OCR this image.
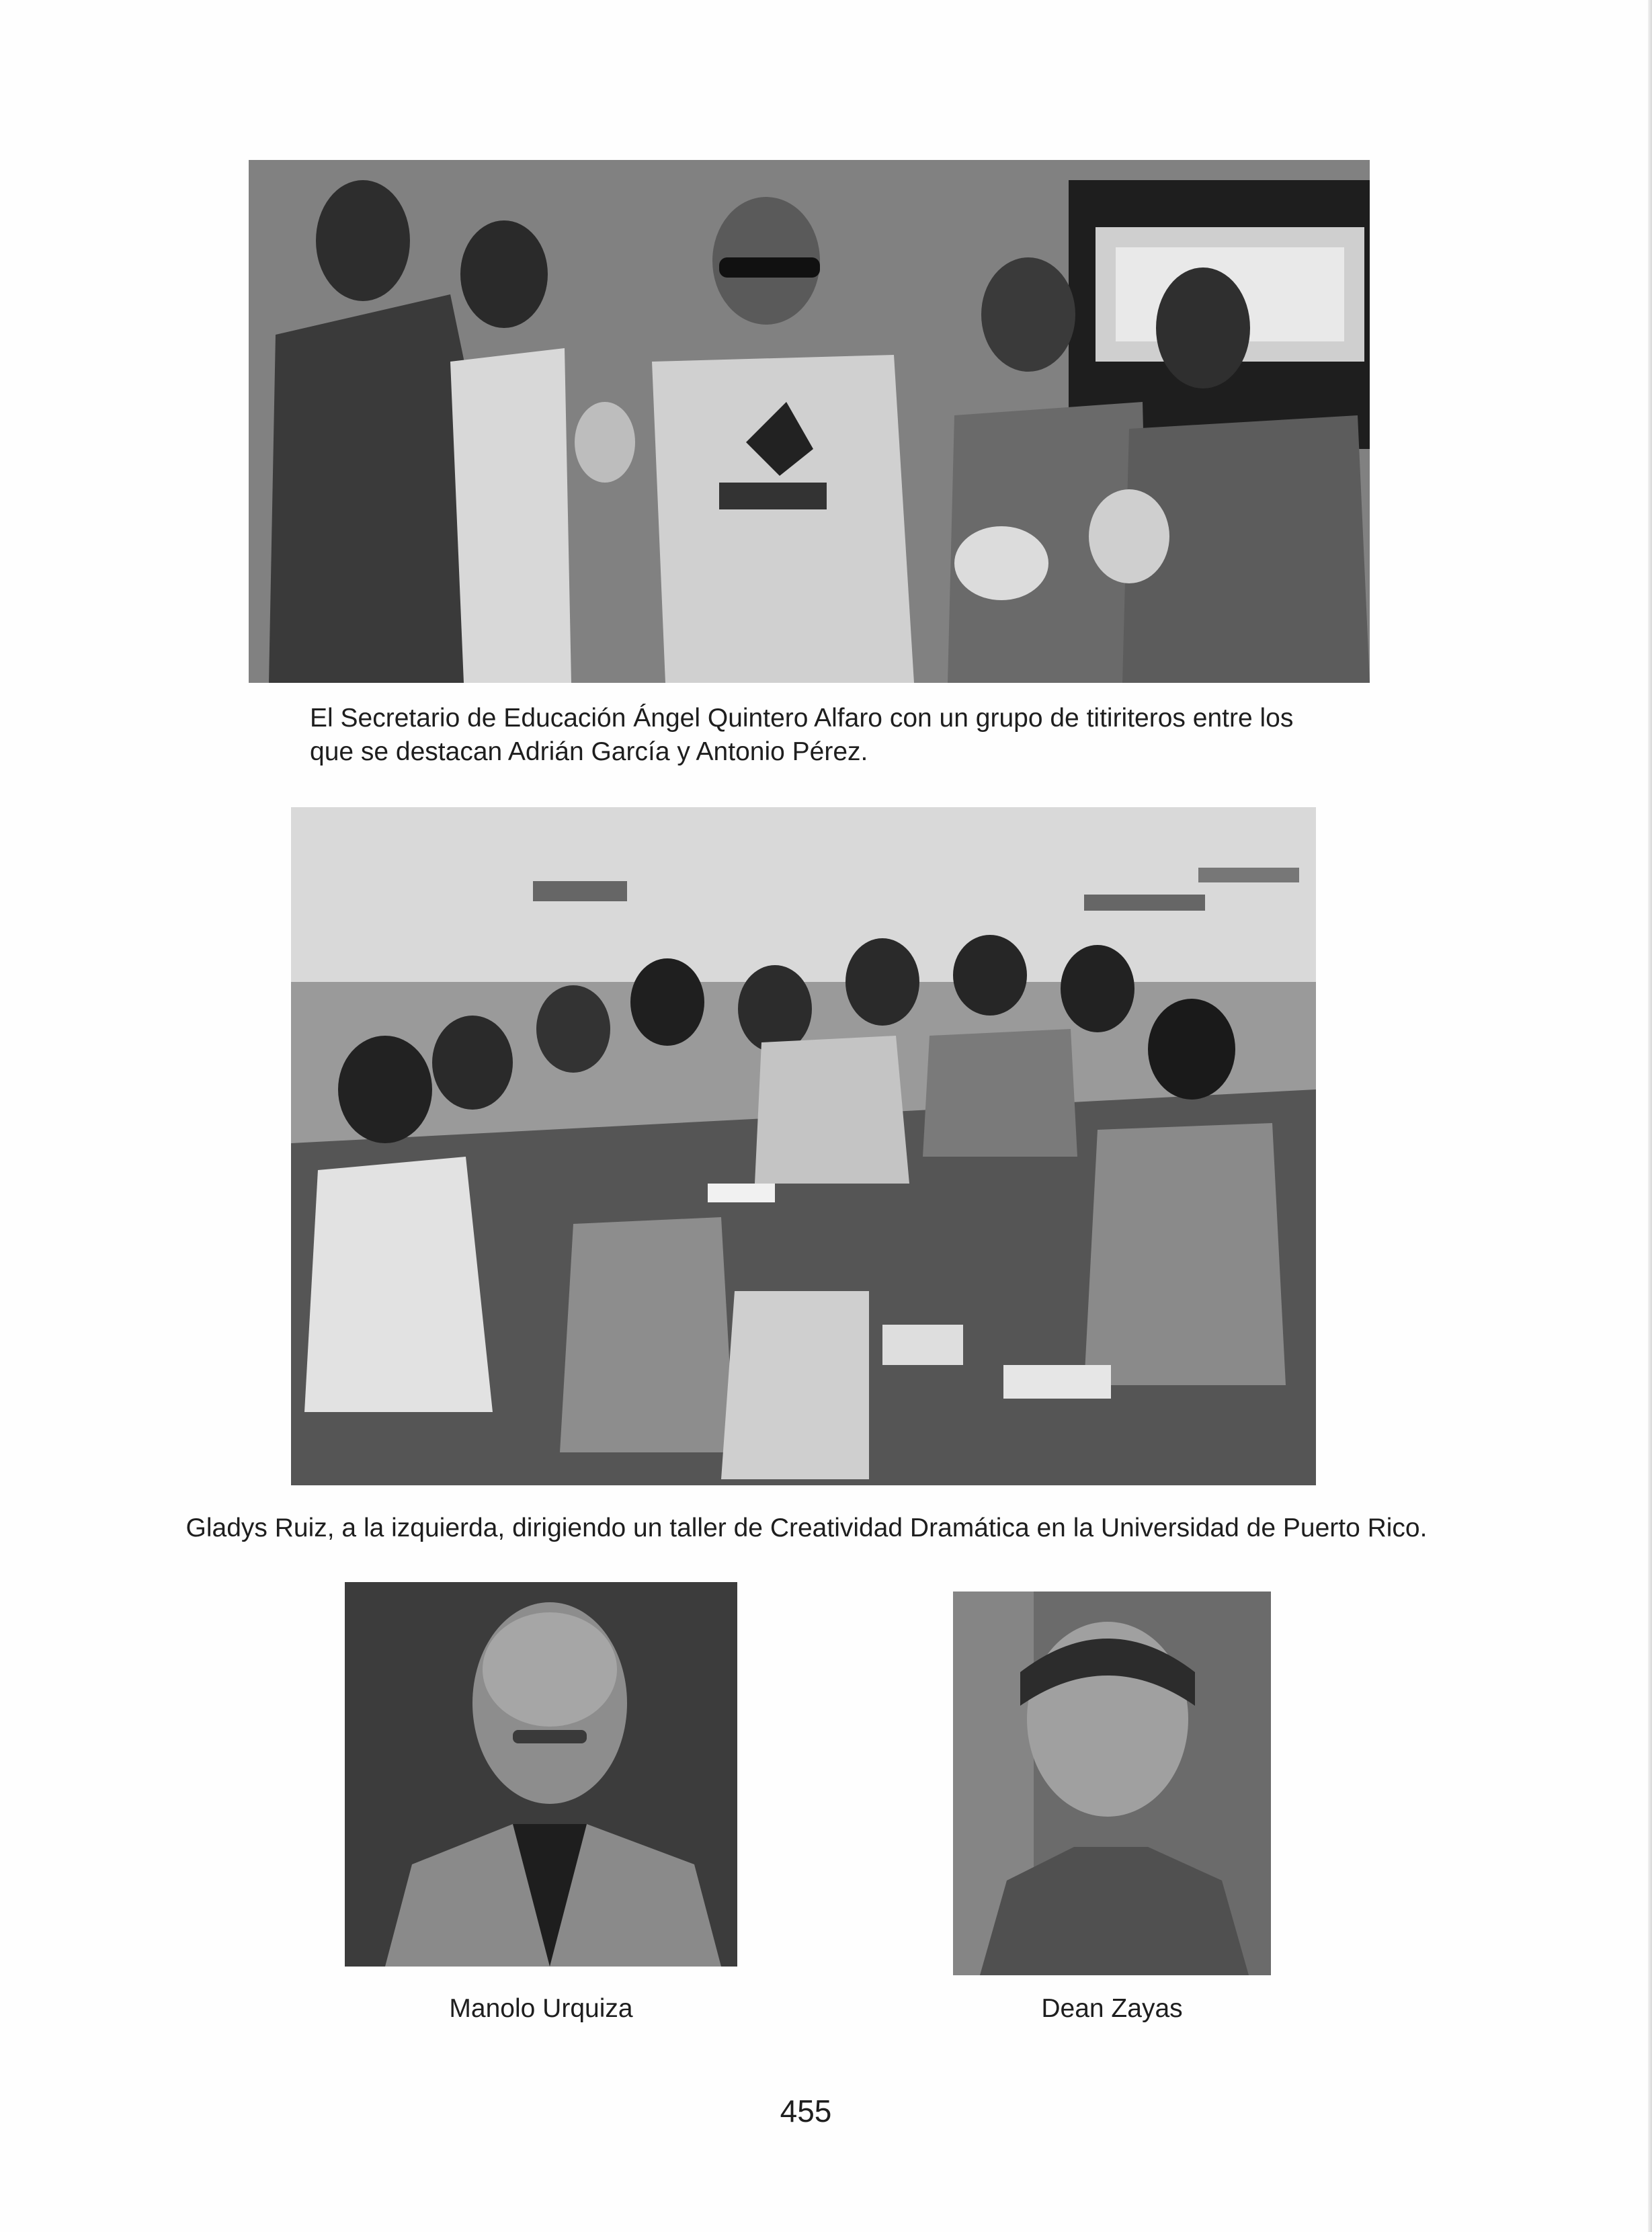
El Secretario de Educación Ángel Quintero Alfaro con un grupo de titiriteros entre los
que se destacan Adrián García y Antonio Pérez.
Gladys Ruiz, a la izquierda, dirigiendo un taller de Creatividad Dramática en la Universidad de Puerto Rico.
Manolo Urquiza	Dean Zayas
455
